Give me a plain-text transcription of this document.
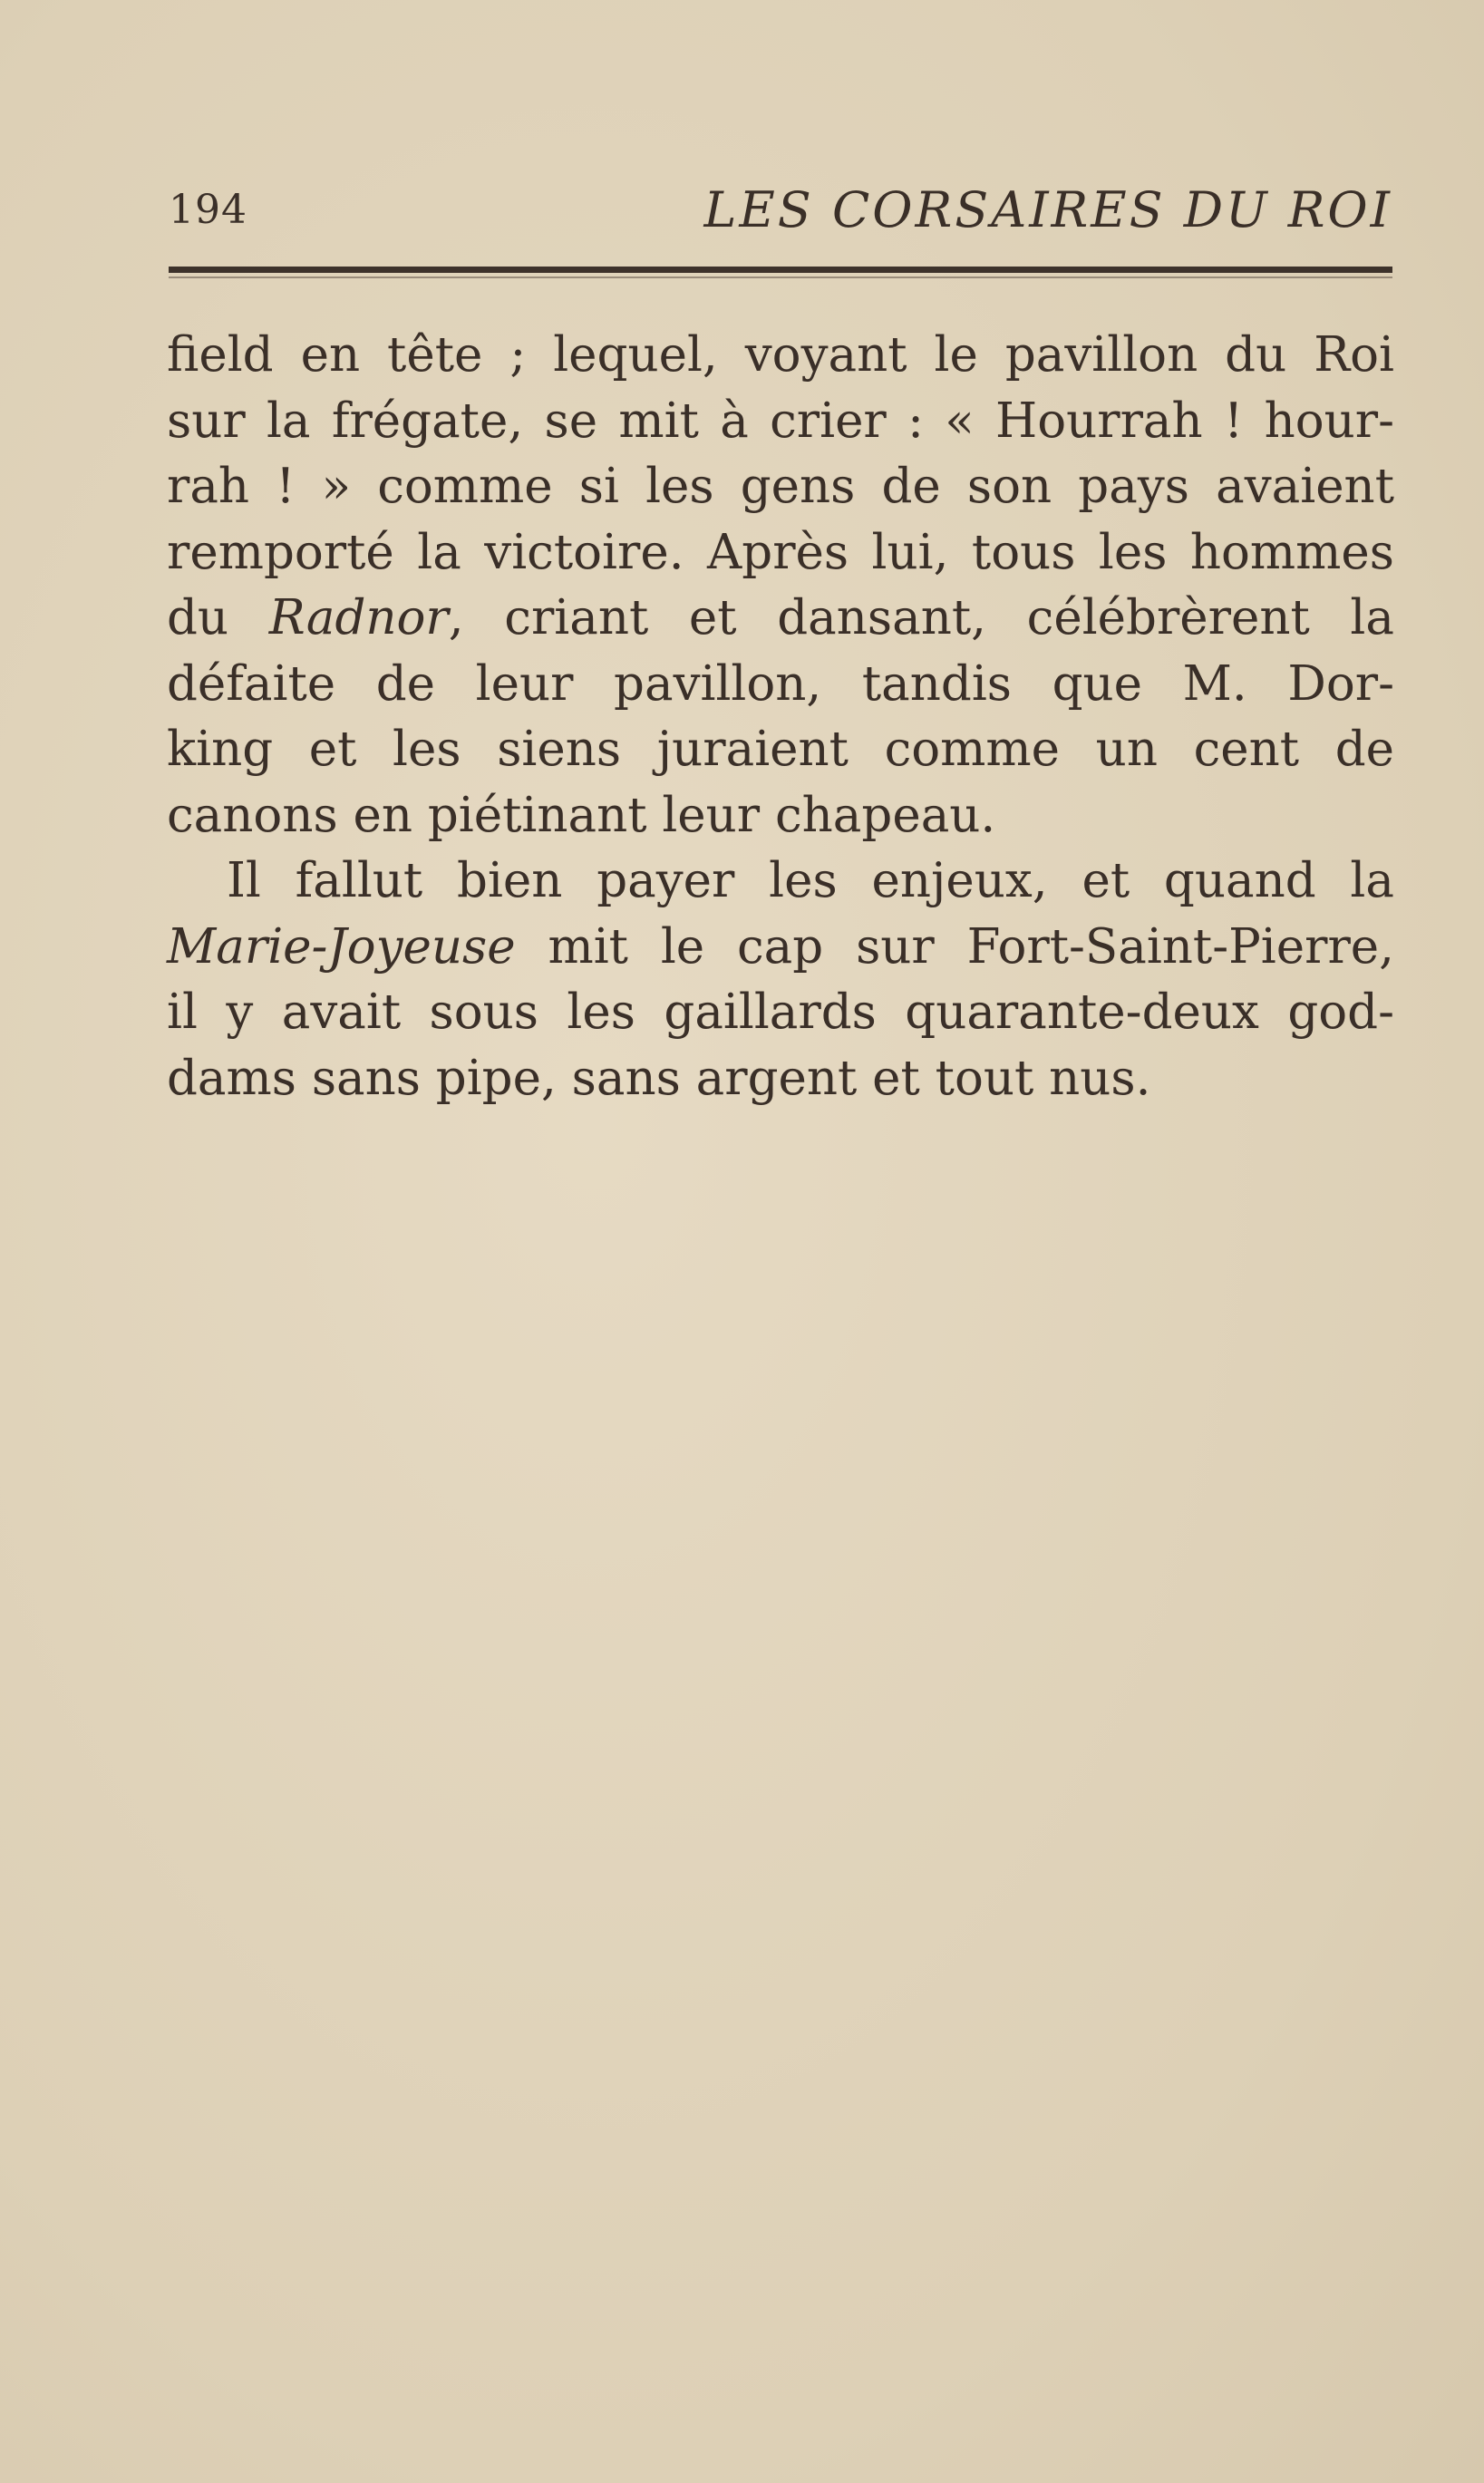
194	LES CORSAIRES DU ROI
field en tête ; lequel, voyant le pavillon du Roi
sur la frégate, se mit à crier : « Hourrah ! hour-
rah ! » comme si les gens de son pays avaient
remporté la victoire. Après lui, tous les hommes
du Radnor, criant et dansant, célébrèrent la
défaite de leur pavillon, tandis que M. Dor-
king et les siens juraient comme un cent de
canons en piétinant leur chapeau.
Il fallut bien payer les enjeux, et quand la
Marie-Joyeuse mit le cap sur Fort-Saint-Pierre,
il y avait sous les gaillards quarante-deux god-
dams sans pipe, sans argent et tout nus.
